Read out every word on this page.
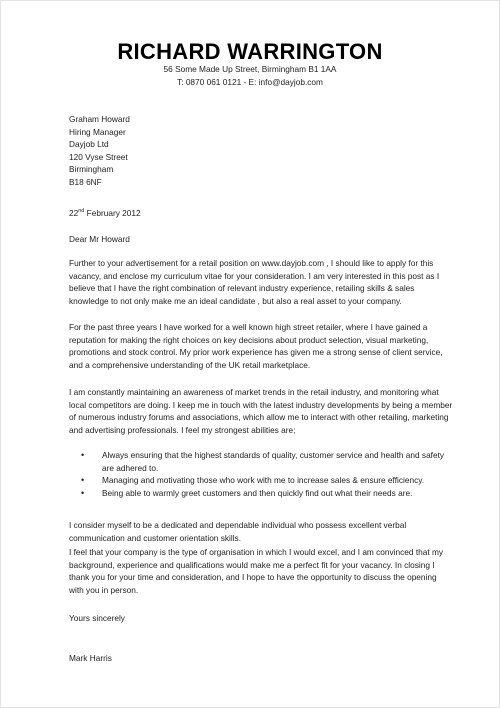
RICHARD WARRINGTON
56 Some Made Up Street, Birmingham B1 1AA
T: 0870 061 0121 - E: info@dayjob.com
Graham Howard
Hiring Manager
Dayjob Ltd
120 Vyse Street
Birmingham
B18 6NF
22nd February 2012
Dear Mr Howard

Further to your advertisement for a retail position on www.dayjob.com , I should like to apply for this vacancy, and enclose my curriculum vitae for your consideration. I am very interested in this post as I believe that I have the right combination of relevant industry experience, retailing skills & sales knowledge to not only make me an ideal candidate , but also a real asset to your company.

For the past three years I have worked for a well known high street retailer, where I have gained a reputation for making the right choices on key decisions about product selection, visual marketing, promotions and stock control. My prior work experience has given me a strong sense of client service, and a comprehensive understanding of the UK retail marketplace.

I am constantly maintaining an awareness of market trends in the retail industry, and monitoring what local competitors are doing. I keep me in touch with the latest industry developments by being a member of numerous industry forums and associations, which allow me to interact with other retailing, marketing and advertising professionals. I feel my strongest abilities are;

• Always ensuring that the highest standards of quality, customer service and health and safety are adhered to.
• Managing and motivating those who work with me to increase sales & ensure efficiency.
• Being able to warmly greet customers and then quickly find out what their needs are.

I consider myself to be a dedicated and dependable individual who possess excellent verbal communication and customer orientation skills.

I feel that your company is the type of organisation in which I would excel, and I am convinced that my background, experience and qualifications would make me a perfect fit for your vacancy. In closing I thank you for your time and consideration, and I hope to have the opportunity to discuss the opening with you in person.

Yours sincerely
Mark Harris
